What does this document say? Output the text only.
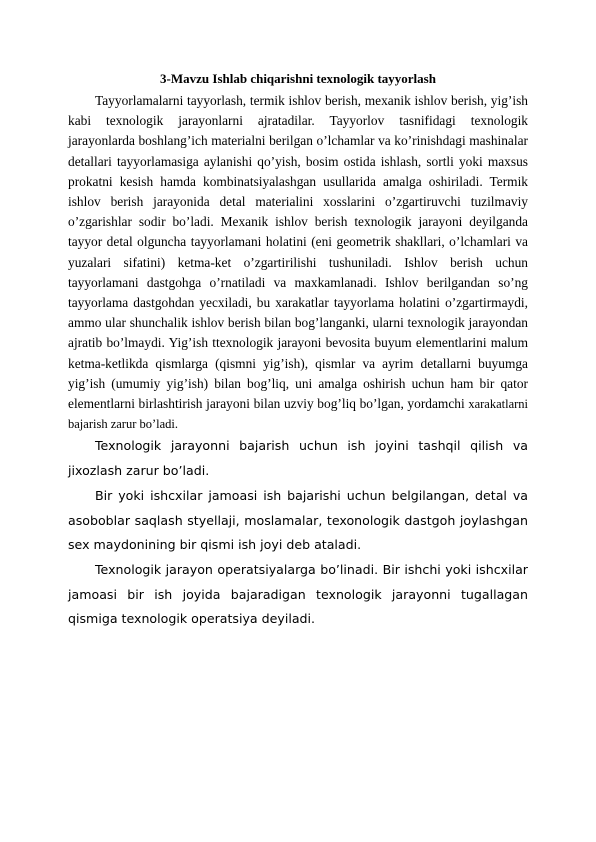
3-Mavzu Ishlab chiqarishni texnologik tayyorlash

Tayyorlamalarni tayyorlash, termik ishlov berish, mexanik ishlov berish, yig’ish kabi texnologik jarayonlarni ajratadilar. Tayyorlov tasnifidagi texnologik jarayonlarda boshlang’ich materialni berilgan o’lchamlar va ko’rinishdagi mashinalar detallari tayyorlamasiga aylanishi qo’yish, bosim ostida ishlash, sortli yoki maxsus prokatni kesish hamda kombinatsiyalashgan usullarida amalga oshiriladi. Termik ishlov berish jarayonida detal materialini xosslarini o’zgartiruvchi tuzilmaviy o’zgarishlar sodir bo’ladi. Mexanik ishlov berish texnologik jarayoni deyilganda tayyor detal olguncha tayyorlamani holatini (eni geometrik shakllari, o’lchamlari va yuzalari sifatini) ketma-ket o’zgartirilishi tushuniladi. Ishlov berish uchun tayyorlamani dastgohga o’rnatiladi va maxkamlanadi. Ishlov berilgandan so’ng tayyorlama dastgohdan yecxiladi, bu xarakatlar tayyorlama holatini o’zgartirmaydi, ammo ular shunchalik ishlov berish bilan bog’langanki, ularni texnologik jarayondan ajratib bo’lmaydi. Yig’ish ttexnologik jarayoni bevosita buyum elementlarini malum ketma-ketlikda qismlarga (qismni yig’ish), qismlar va ayrim detallarni buyumga yig’ish (umumiy yig’ish) bilan bog’liq, uni amalga oshirish uchun ham bir qator elementlarni birlashtirish jarayoni bilan uzviy bog’liq bo’lgan, yordamchi xarakatlarni bajarish zarur bo’ladi.

Texnologik jarayonni bajarish uchun ish joyini tashqil qilish va jixozlash zarur bo’ladi.

Bir yoki ishcxilar jamoasi ish bajarishi uchun belgilangan, detal va asoboblar saqlash styellaji, moslamalar, texonologik dastgoh joylashgan sex maydonining bir qismi ish joyi deb ataladi.

Texnologik jarayon operatsiyalarga bo’linadi. Bir ishchi yoki ishcxilar jamoasi bir ish joyida bajaradigan texnologik jarayonni tugallagan qismiga texnologik operatsiya deyiladi.
